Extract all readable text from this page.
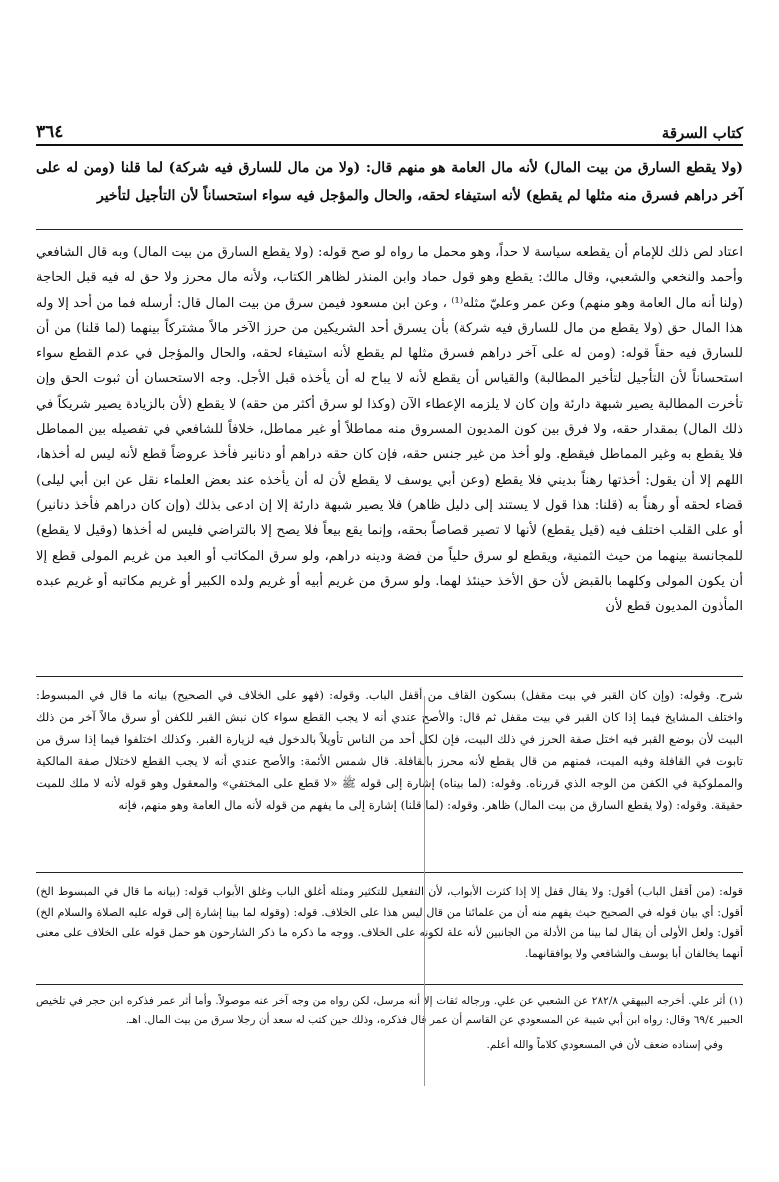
٣٦٤	كتاب السرقة

(ولا يقطع السارق من بيت المال) لأنه مال العامة هو منهم قال: (ولا من مال للسارق فيه شركة) لما قلنا (ومن له على آخر دراهم فسرق منه مثلها لم يقطع) لأنه استيفاء لحقه، والحال والمؤجل فيه سواء استحساناً لأن التأجيل لتأخير

اعتاد لص ذلك للإمام أن يقطعه سياسة لا حداً، وهو محمل ما رواه لو صح قوله: (ولا يقطع السارق من بيت المال) وبه قال الشافعي وأحمد والنخعي والشعبي، وقال مالك: يقطع وهو قول حماد وابن المنذر لظاهر الكتاب، ولأنه مال محرز ولا حق له فيه قبل الحاجة (ولنا أنه مال العامة وهو منهم) وعن عمر وعليّ مثله⁽¹⁾ ، وعن ابن مسعود فيمن سرق من بيت المال قال: أرسله فما من أحد إلا وله هذا المال حق (ولا يقطع من مال للسارق فيه شركة) بأن يسرق أحد الشريكين من حرز الآخر مالاً مشتركاً بينهما (لما قلنا) من أن للسارق فيه حقاً قوله: (ومن له على آخر دراهم فسرق مثلها لم يقطع لأنه استيفاء لحقه، والحال والمؤجل في عدم القطع سواء استحساناً لأن التأجيل لتأخير المطالبة) والقياس أن يقطع لأنه لا يباح له أن يأخذه قبل الأجل. وجه الاستحسان أن ثبوت الحق وإن تأخرت المطالبة يصير شبهة دارئة وإن كان لا يلزمه الإعطاء الآن (وكذا لو سرق أكثر من حقه) لا يقطع (لأن بالزيادة يصير شريكاً في ذلك المال) بمقدار حقه، ولا فرق بين كون المديون المسروق منه مماطلاً أو غير مماطل، خلافاً للشافعي في تفصيله بين المماطل فلا يقطع به وغير المماطل فيقطع. ولو أخذ من غير جنس حقه، فإن كان حقه دراهم أو دنانير فأخذ عروضاً قطع لأنه ليس له أخذها، اللهم إلا أن يقول: أخذتها رهناً بديني فلا يقطع (وعن أبي يوسف لا يقطع لأن له أن يأخذه عند بعض العلماء نقل عن ابن أبي ليلى) قضاء لحقه أو رهناً به (قلنا: هذا قول لا يستند إلى دليل ظاهر) فلا يصير شبهة دارئة إلا إن ادعى بذلك (وإن كان دراهم فأخذ دنانير) أو على القلب اختلف فيه (قيل يقطع) لأنها لا تصير قصاصاً بحقه، وإنما يقع بيعاً فلا يصح إلا بالتراضي فليس له أخذها (وقيل لا يقطع) للمجانسة بينهما من حيث الثمنية، ويقطع لو سرق حلياً من فضة ودينه دراهم، ولو سرق المكاتب أو العبد من غريم المولى قطع إلا أن يكون المولى وكلهما بالقبض لأن حق الأخذ حينئذ لهما. ولو سرق من غريم أبيه أو غريم ولده الكبير أو غريم مكاتبه أو غريم عبده المأذون المديون قطع لأن

شرح. وقوله: (وإن كان القبر في بيت مقفل) بسكون القاف من أقفل الباب. وقوله: (فهو على الخلاف في الصحيح) بيانه ما قال في المبسوط: واختلف المشايخ فيما إذا كان القبر في بيت مقفل ثم قال: والأصح عندي أنه لا يجب القطع سواء كان نبش القبر للكفن أو سرق مالاً آخر من ذلك البيت لأن بوضع القبر فيه اختل صفة الحرز في ذلك البيت، فإن لكل أحد من الناس تأويلاً بالدخول فيه لزيارة القبر. وكذلك اختلفوا فيما إذا سرق من تابوت في القافلة وفيه الميت، فمنهم من قال يقطع لأنه محرز بالقافلة. قال شمس الأئمة: والأصح عندي أنه لا يجب القطع لاختلال صفة المالكية والمملوكية في الكفن من الوجه الذي قررناه. وقوله: (لما بيناه) إشارة إلى قوله ﷺ «لا قطع على المختفي» والمعقول وهو قوله لأنه لا ملك للميت حقيقة. وقوله: (ولا يقطع السارق من بيت المال) ظاهر. وقوله: (لما قلنا) إشارة إلى ما يفهم من قوله لأنه مال العامة وهو منهم، فإنه

قوله: (من أقفل الباب) أقول: ولا يقال قفل إلا إذا كثرت الأبواب، لأن التفعيل للتكثير ومثله أغلق الباب وغلق الأبواب قوله: (بيانه ما قال في المبسوط الخ) أقول: أي بيان قوله في الصحيح حيث يفهم منه أن من علمائنا من قال ليس هذا على الخلاف. قوله: (وقوله لما بينا إشارة إلى قوله عليه الصلاة والسلام الخ) أقول: ولعل الأولى أن يقال لما بينا من الأدلة من الجانبين لأنه علة لكونه على الخلاف. ووجه ما ذكره ما ذكر الشارحون هو حمل قوله على الخلاف على معنى أنهما يخالفان أبا يوسف والشافعي ولا يوافقانهما.

(١) أثر علي. أخرجه البيهقي ٢٨٢/٨ عن الشعبي عن علي. ورجاله ثقات إلا أنه مرسل، لكن رواه من وجه آخر عنه موصولاً. وأما أثر عمر فذكره ابن حجر في تلخيص الحبير ٦٩/٤ وقال: رواه ابن أبي شيبة عن المسعودي عن القاسم أن عمر قال فذكره، وذلك حين كتب له سعد أن رجلا سرق من بيت المال. اهـ.

وفي إسناده ضعف لأن في المسعودي كلاماً والله أعلم.
